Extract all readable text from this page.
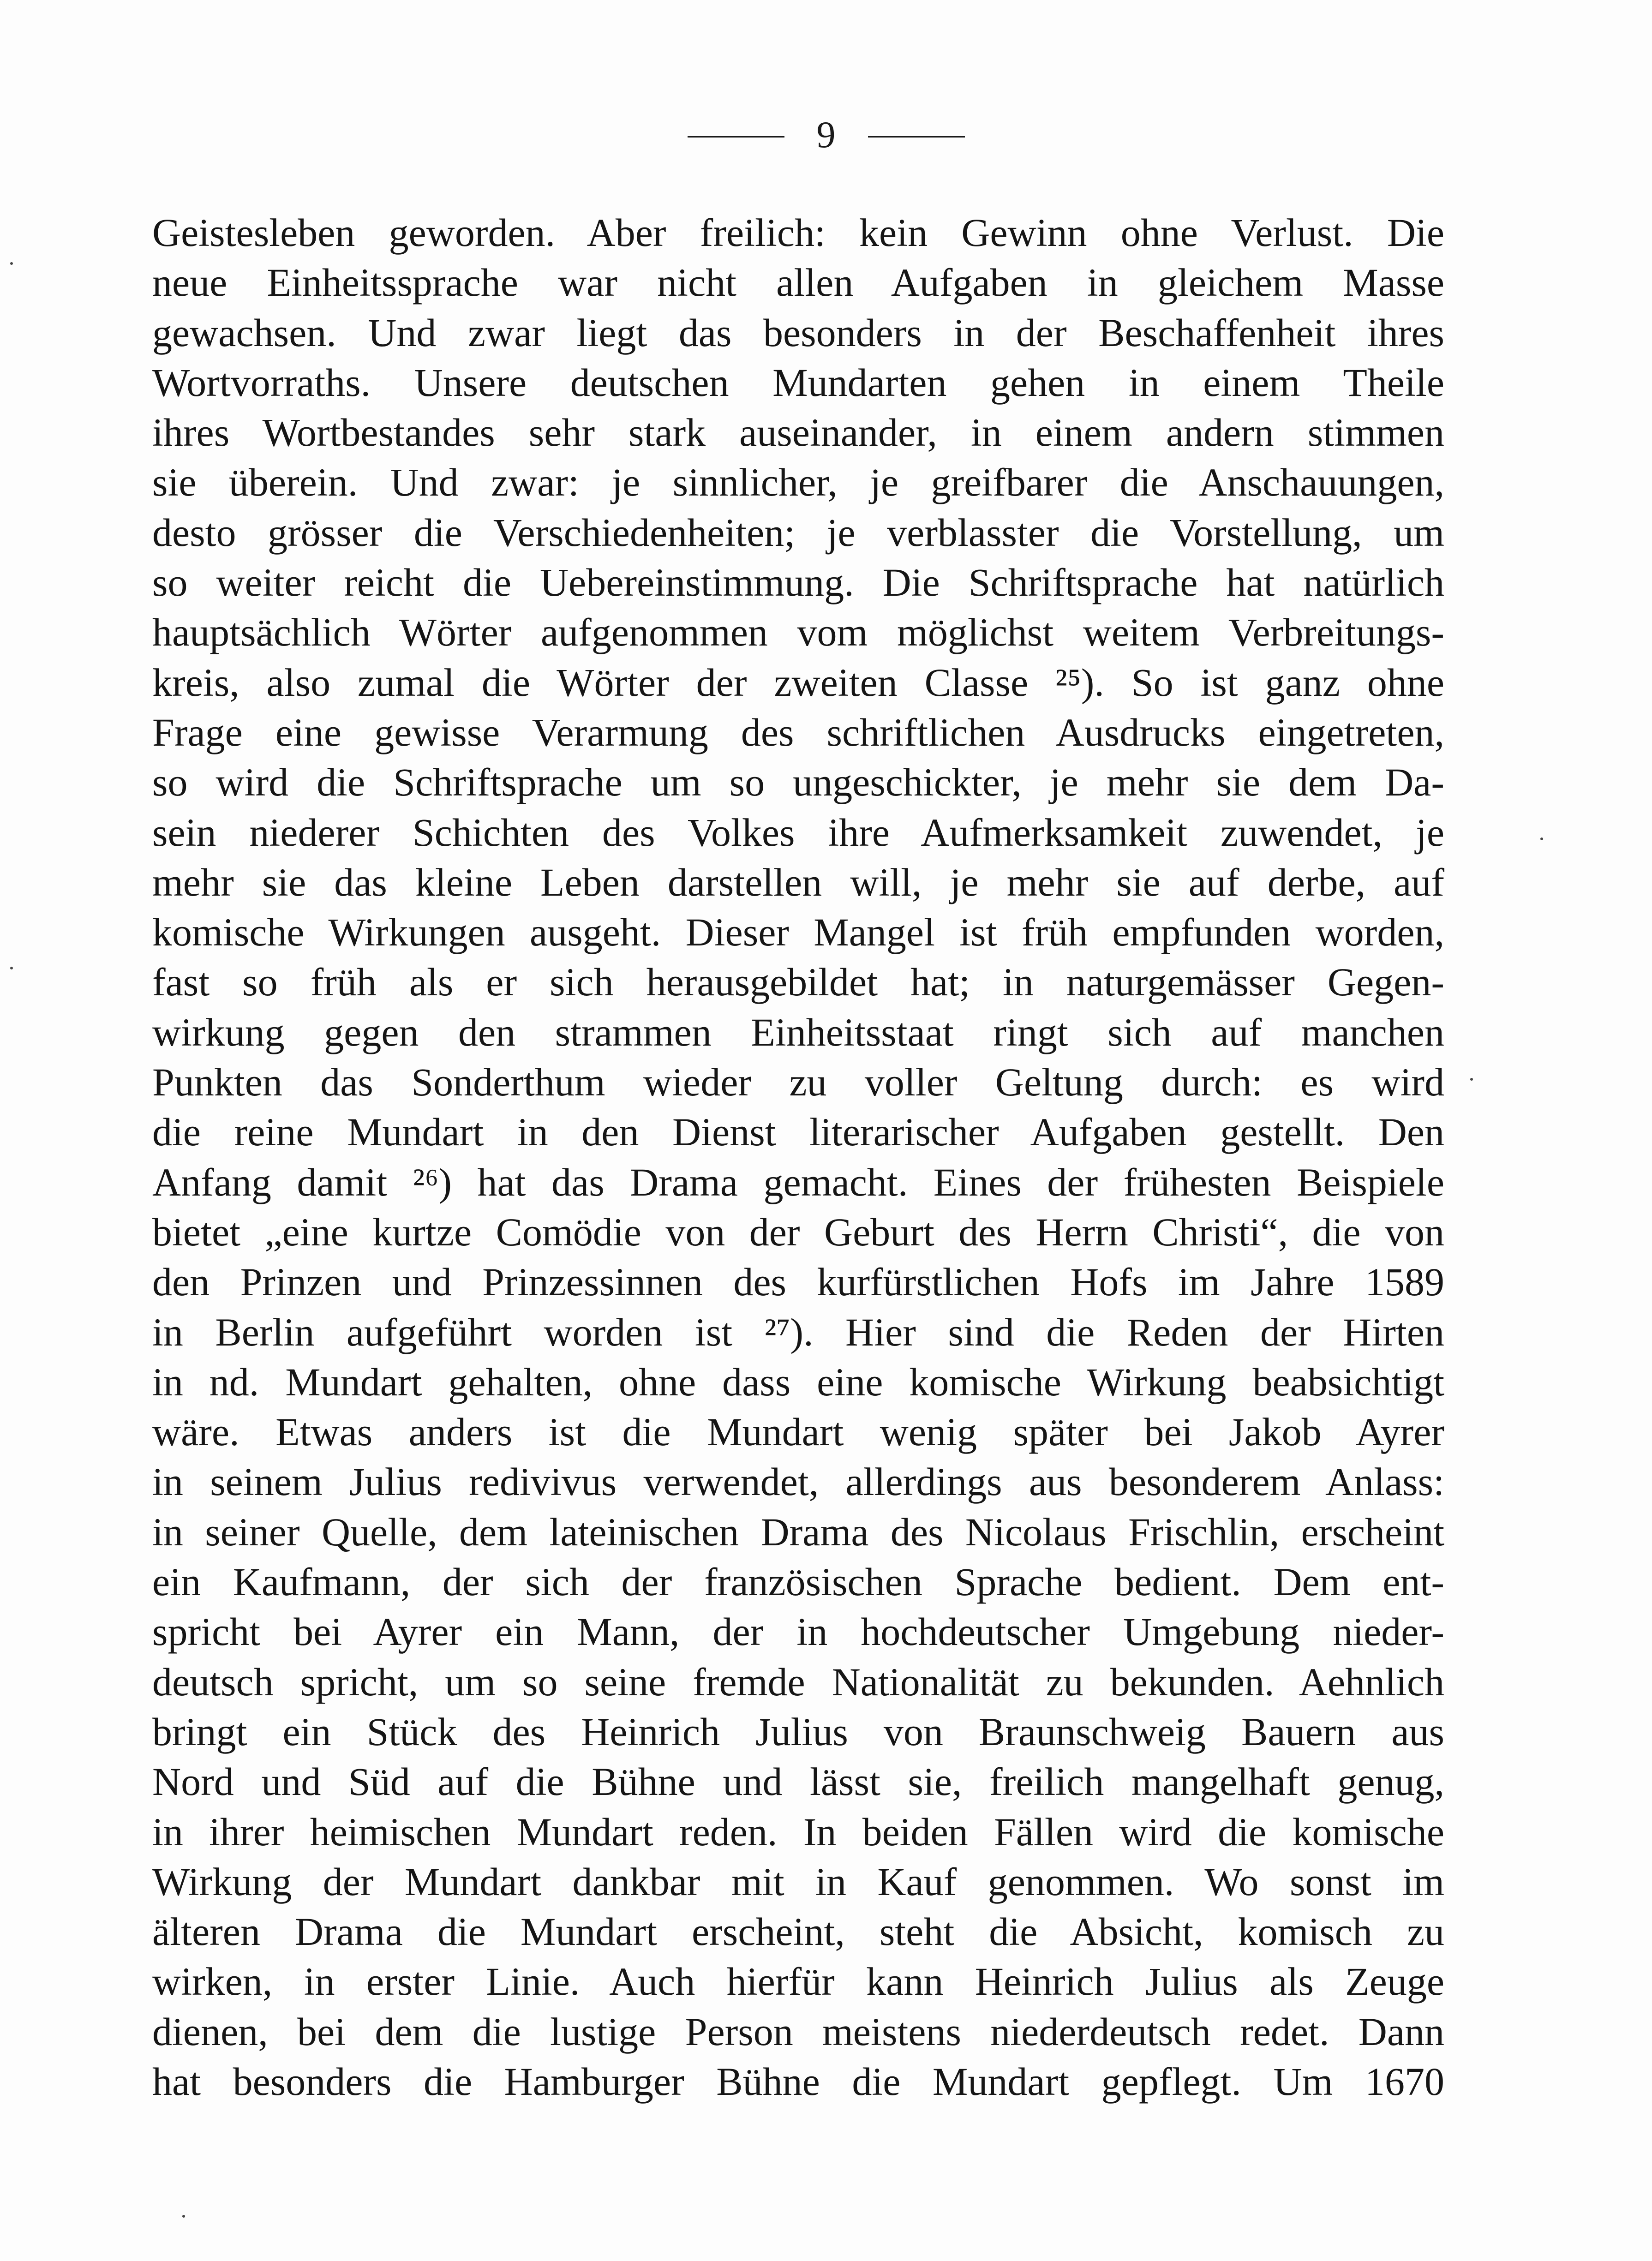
9
Geistesleben geworden. Aber freilich: kein Gewinn ohne Verlust. Die
neue Einheitssprache war nicht allen Aufgaben in gleichem Masse
gewachsen. Und zwar liegt das besonders in der Beschaffenheit ihres
Wortvorraths. Unsere deutschen Mundarten gehen in einem Theile
ihres Wortbestandes sehr stark auseinander, in einem andern stimmen
sie überein. Und zwar: je sinnlicher, je greifbarer die Anschauungen,
desto grösser die Verschiedenheiten; je verblasster die Vorstellung, um
so weiter reicht die Uebereinstimmung. Die Schriftsprache hat natürlich
hauptsächlich Wörter aufgenommen vom möglichst weitem Verbreitungs-
kreis, also zumal die Wörter der zweiten Classe ²⁵). So ist ganz ohne
Frage eine gewisse Verarmung des schriftlichen Ausdrucks eingetreten,
so wird die Schriftsprache um so ungeschickter, je mehr sie dem Da-
sein niederer Schichten des Volkes ihre Aufmerksamkeit zuwendet, je
mehr sie das kleine Leben darstellen will, je mehr sie auf derbe, auf
komische Wirkungen ausgeht. Dieser Mangel ist früh empfunden worden,
fast so früh als er sich herausgebildet hat; in naturgemässer Gegen-
wirkung gegen den strammen Einheitsstaat ringt sich auf manchen
Punkten das Sonderthum wieder zu voller Geltung durch: es wird
die reine Mundart in den Dienst literarischer Aufgaben gestellt. Den
Anfang damit ²⁶) hat das Drama gemacht. Eines der frühesten Beispiele
bietet „eine kurtze Comödie von der Geburt des Herrn Christi“, die von
den Prinzen und Prinzessinnen des kurfürstlichen Hofs im Jahre 1589
in Berlin aufgeführt worden ist ²⁷). Hier sind die Reden der Hirten
in nd. Mundart gehalten, ohne dass eine komische Wirkung beabsichtigt
wäre. Etwas anders ist die Mundart wenig später bei Jakob Ayrer
in seinem Julius redivivus verwendet, allerdings aus besonderem Anlass:
in seiner Quelle, dem lateinischen Drama des Nicolaus Frischlin, erscheint
ein Kaufmann, der sich der französischen Sprache bedient. Dem ent-
spricht bei Ayrer ein Mann, der in hochdeutscher Umgebung nieder-
deutsch spricht, um so seine fremde Nationalität zu bekunden. Aehnlich
bringt ein Stück des Heinrich Julius von Braunschweig Bauern aus
Nord und Süd auf die Bühne und lässt sie, freilich mangelhaft genug,
in ihrer heimischen Mundart reden. In beiden Fällen wird die komische
Wirkung der Mundart dankbar mit in Kauf genommen. Wo sonst im
älteren Drama die Mundart erscheint, steht die Absicht, komisch zu
wirken, in erster Linie. Auch hierfür kann Heinrich Julius als Zeuge
dienen, bei dem die lustige Person meistens niederdeutsch redet. Dann
hat besonders die Hamburger Bühne die Mundart gepflegt. Um 1670
